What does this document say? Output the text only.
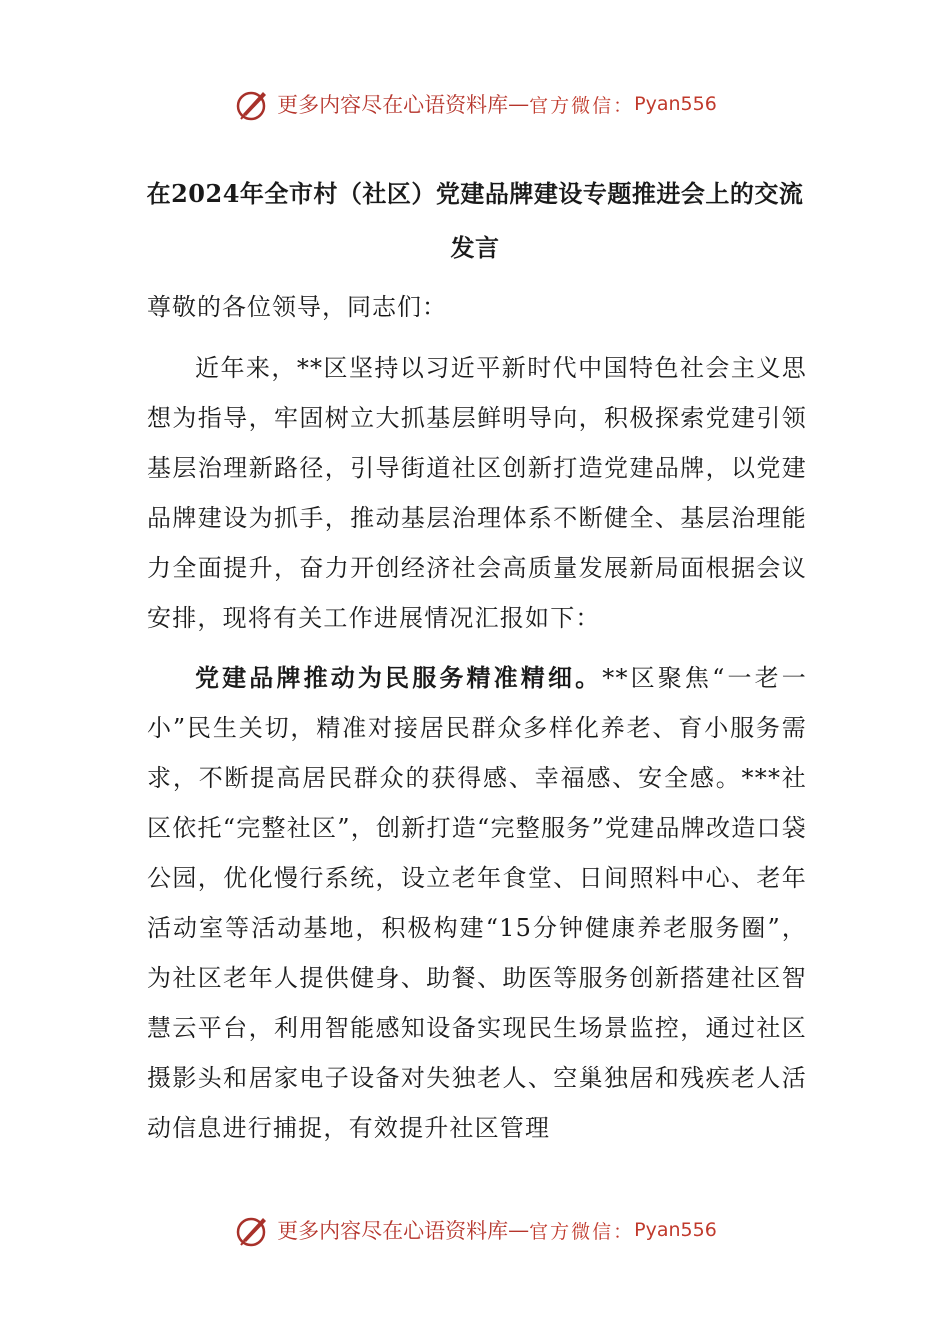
更多内容尽在心语资料库 — 官方微信： Pyan556
在2024年全市村（社区）党建品牌建设专题推进会上的交流发言

尊敬的各位领导，同志们：

近年来，**区坚持以习近平新时代中国特色社会主义思想为指导，牢固树立大抓基层鲜明导向，积极探索党建引领基层治理新路径，引导街道社区创新打造党建品牌，以党建品牌建设为抓手，推动基层治理体系不断健全、基层治理能力全面提升，奋力开创经济社会高质量发展新局面根据会议安排，现将有关工作进展情况汇报如下：

党建品牌推动为民服务精准精细。**区聚焦“一老一小”民生关切，精准对接居民群众多样化养老、育小服务需求，不断提高居民群众的获得感、幸福感、安全感。***社区依托“完整社区”，创新打造“完整服务”党建品牌改造口袋公园，优化慢行系统，设立老年食堂、日间照料中心、老年活动室等活动基地，积极构建“15分钟健康养老服务圈”，为社区老年人提供健身、助餐、助医等服务创新搭建社区智慧云平台，利用智能感知设备实现民生场景监控，通过社区摄影头和居家电子设备对失独老人、空巢独居和残疾老人活动信息进行捕捉，有效提升社区管理

更多内容尽在心语资料库 — 官方微信： Pyan556
